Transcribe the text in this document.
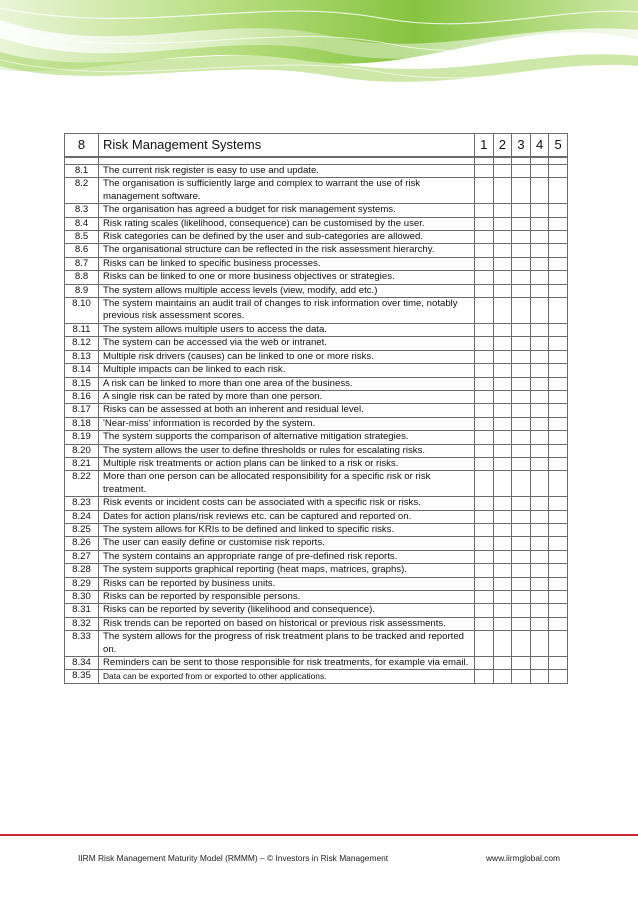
8	Risk Management Systems	1	2	3	4	5

8.1	The current risk register is easy to use and update.					
8.2	The organisation is sufficiently large and complex to warrant the use of risk management software.					
8.3	The organisation has agreed a budget for risk management systems.					
8.4	Risk rating scales (likelihood, consequence) can be customised by the user.					
8.5	Risk categories can be defined by the user and sub-categories are allowed.					
8.6	The organisational structure can be reflected in the risk assessment hierarchy.					
8.7	Risks can be linked to specific business processes.					
8.8	Risks can be linked to one or more business objectives or strategies.					
8.9	The system allows multiple access levels (view, modify, add etc.)					
8.10	The system maintains an audit trail of changes to risk information over time, notably previous risk assessment scores.					
8.11	The system allows multiple users to access the data.					
8.12	The system can be accessed via the web or intranet.					
8.13	Multiple risk drivers (causes) can be linked to one or more risks.					
8.14	Multiple impacts can be linked to each risk.					
8.15	A risk can be linked to more than one area of the business.					
8.16	A single risk can be rated by more than one person.					
8.17	Risks can be assessed at both an inherent and residual level.					
8.18	'Near-miss' information is recorded by the system.					
8.19	The system supports the comparison of alternative mitigation strategies.					
8.20	The system allows the user to define thresholds or rules for escalating risks.					
8.21	Multiple risk treatments or action plans can be linked to a risk or risks.					
8.22	More than one person can be allocated responsibility for a specific risk or risk treatment.					
8.23	Risk events or incident costs can be associated with a specific risk or risks.					
8.24	Dates for action plans/risk reviews etc. can be captured and reported on.					
8.25	The system allows for KRIs to be defined and linked to specific risks.					
8.26	The user can easily define or customise risk reports.					
8.27	The system contains an appropriate range of pre-defined risk reports.					
8.28	The system supports graphical reporting (heat maps, matrices, graphs).					
8.29	Risks can be reported by business units.					
8.30	Risks can be reported by responsible persons.					
8.31	Risks can be reported by severity (likelihood and consequence).					
8.32	Risk trends can be reported on based on historical or previous risk assessments.					
8.33	The system allows for the progress of risk treatment plans to be tracked and reported on.					
8.34	Reminders can be sent to those responsible for risk treatments, for example via email.					
8.35	Data can be exported from or exported to other applications.					
IIRM Risk Management Maturity Model (RMMM) – © Investors in Risk Management	www.iirmglobal.com
